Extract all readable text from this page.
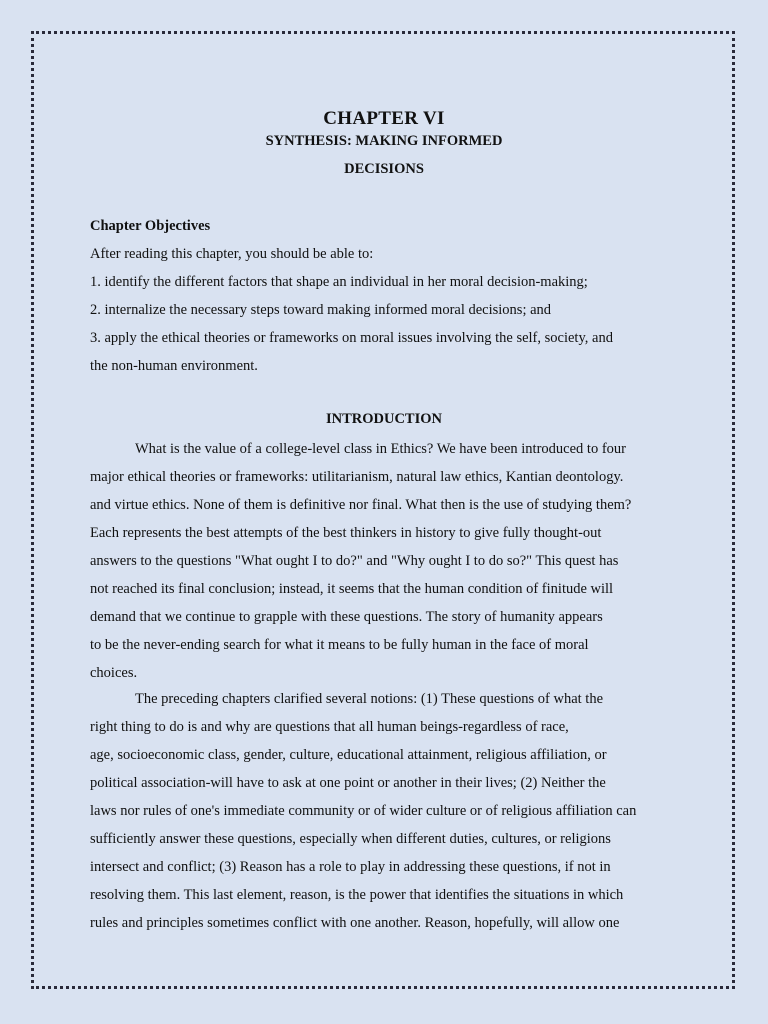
CHAPTER VI
SYNTHESIS: MAKING INFORMED
DECISIONS
Chapter Objectives
After reading this chapter, you should be able to:
1. identify the different factors that shape an individual in her moral decision-making;
2. internalize the necessary steps toward making informed moral decisions; and
3. apply the ethical theories or frameworks on moral issues involving the self, society, and
the non-human environment.
INTRODUCTION
What is the value of a college-level class in Ethics? We have been introduced to four
major ethical theories or frameworks: utilitarianism, natural law ethics, Kantian deontology.
and virtue ethics. None of them is definitive nor final. What then is the use of studying them?
Each represents the best attempts of the best thinkers in history to give fully thought-out
answers to the questions "What ought I to do?" and "Why ought I to do so?" This quest has
not reached its final conclusion; instead, it seems that the human condition of finitude will
demand that we continue to grapple with these questions. The story of humanity appears
to be the never-ending search for what it means to be fully human in the face of moral
choices.
The preceding chapters clarified several notions: (1) These questions of what the
right thing to do is and why are questions that all human beings-regardless of race,
age, socioeconomic class, gender, culture, educational attainment, religious affiliation, or
political association-will have to ask at one point or another in their lives; (2) Neither the
laws nor rules of one's immediate community or of wider culture or of religious affiliation can
sufficiently answer these questions, especially when different duties, cultures, or religions
intersect and conflict; (3) Reason has a role to play in addressing these questions, if not in
resolving them. This last element, reason, is the power that identifies the situations in which
rules and principles sometimes conflict with one another. Reason, hopefully, will allow one
